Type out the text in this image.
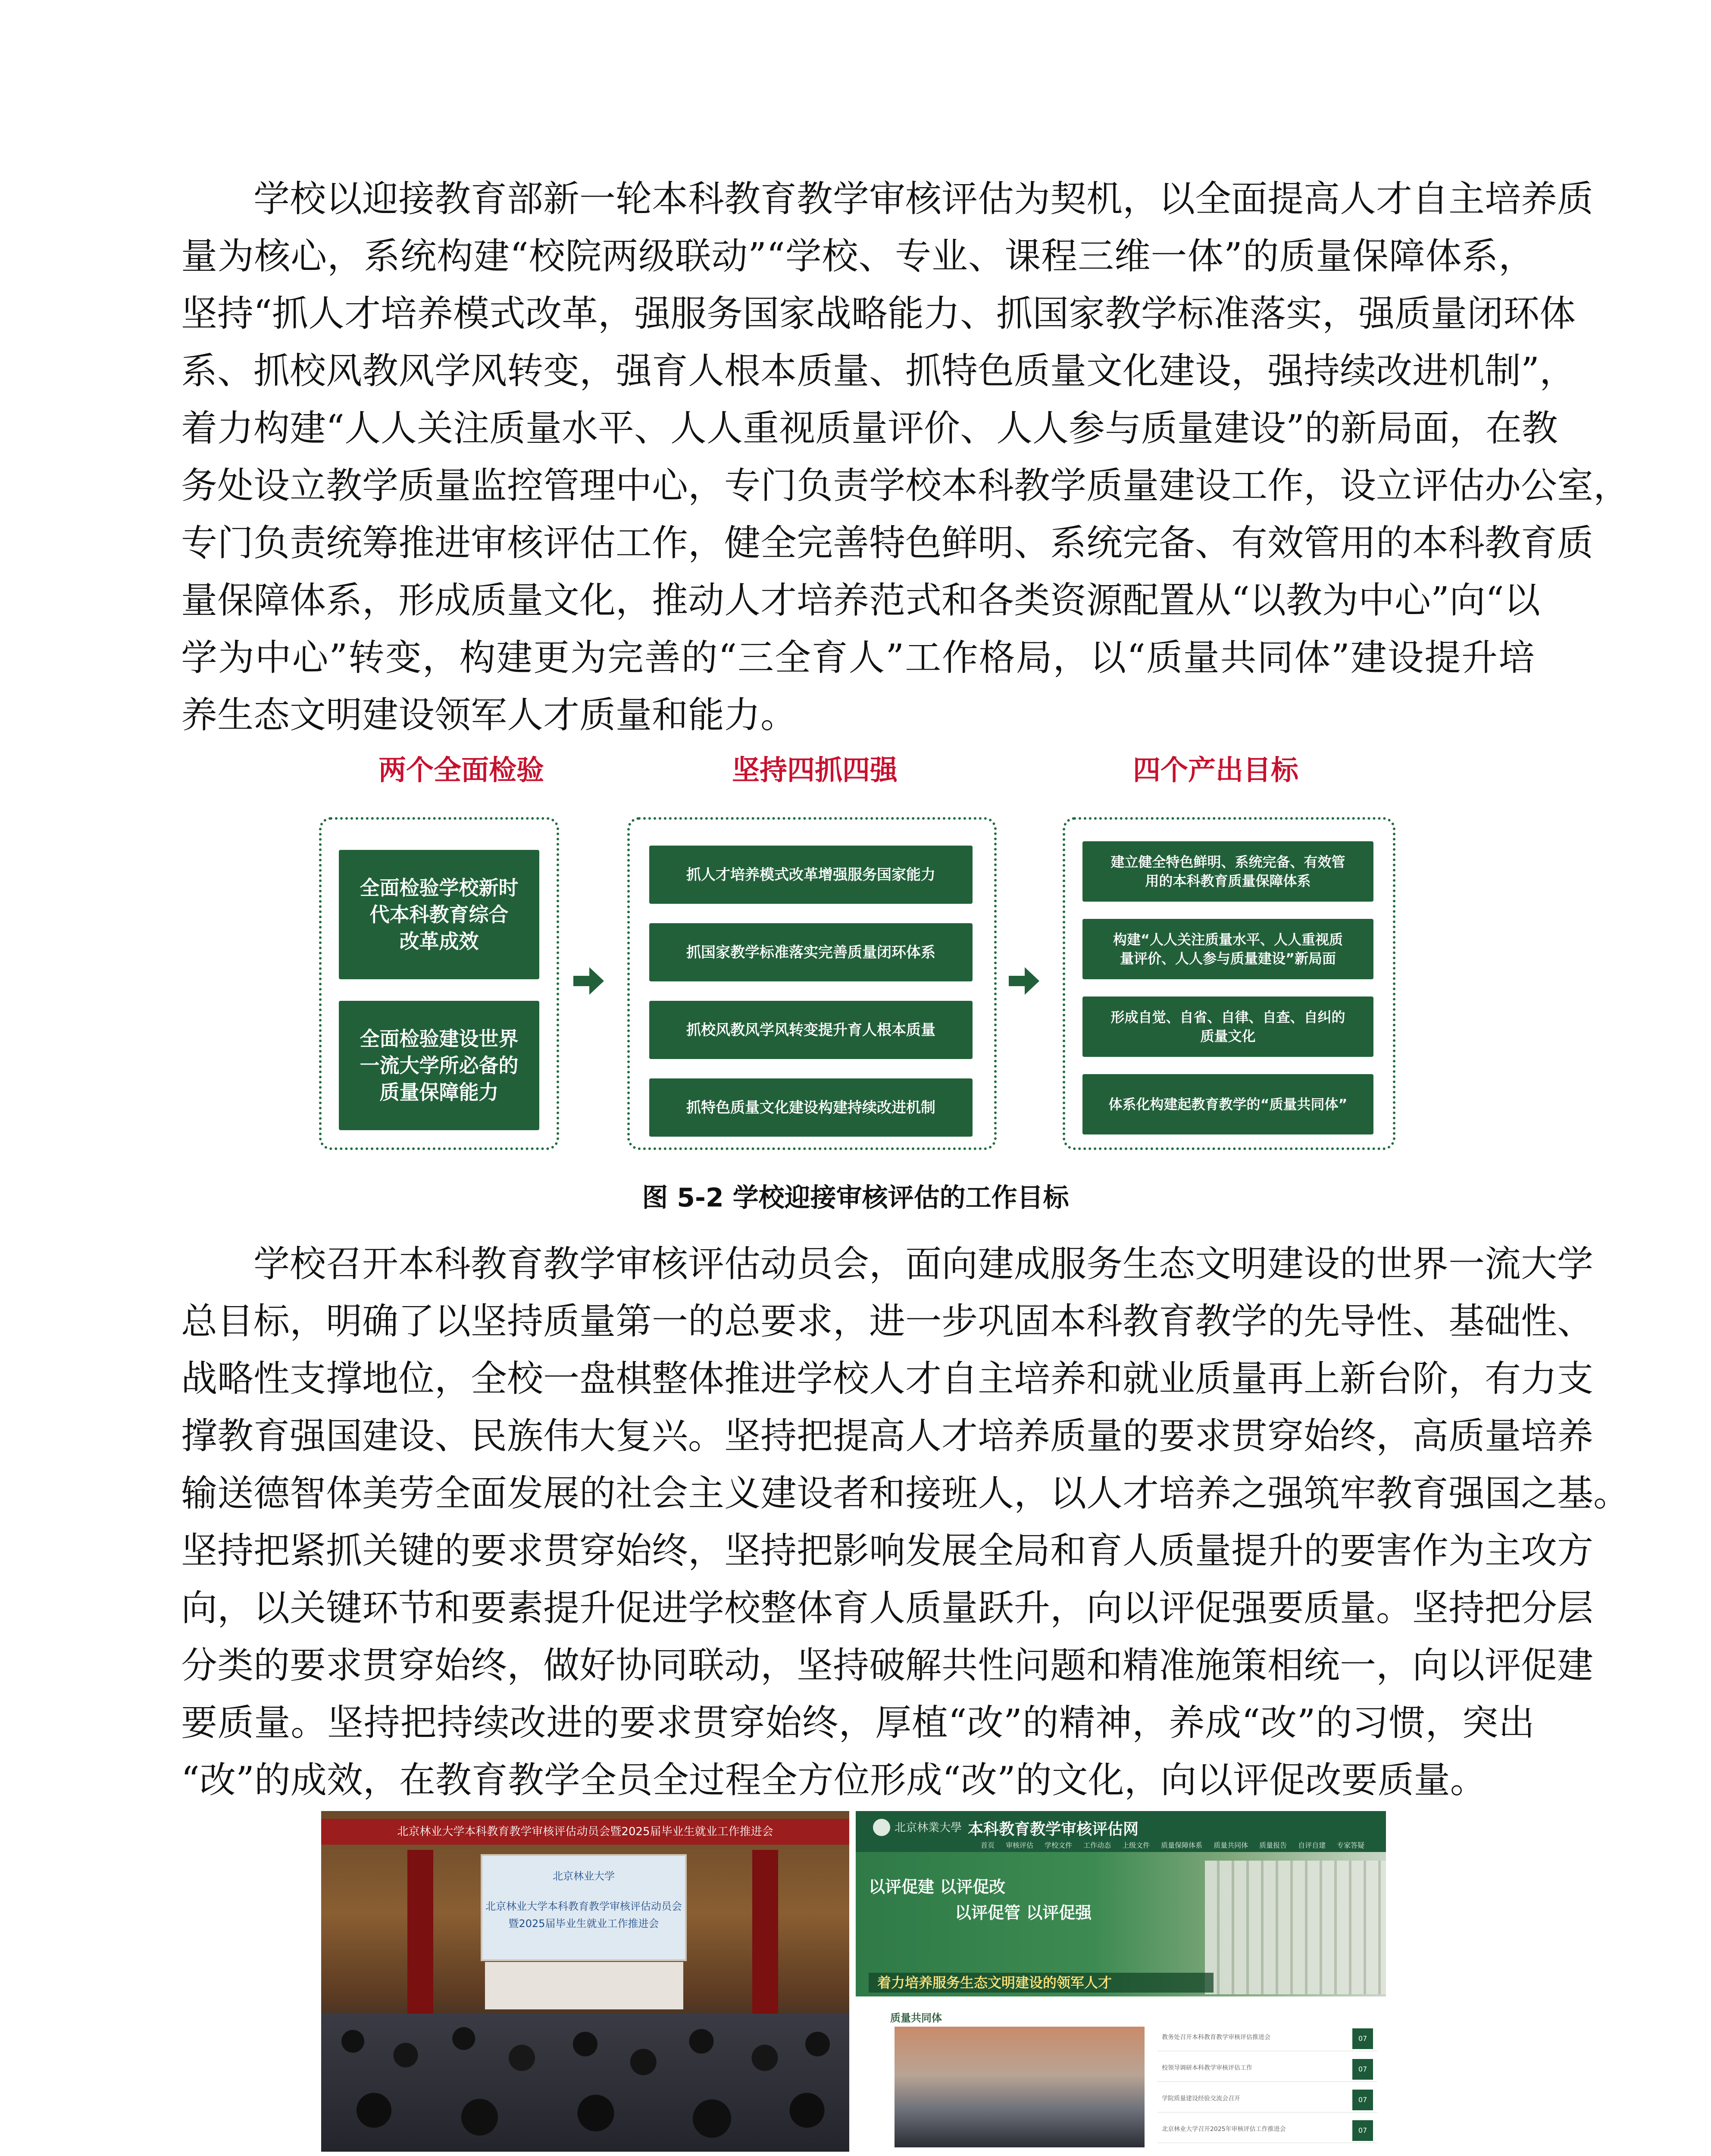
学校以迎接教育部新一轮本科教育教学审核评估为契机，以全面提高人才自主培养质
量为核心，系统构建“校院两级联动”“学校、专业、课程三维一体”的质量保障体系，
坚持“抓人才培养模式改革，强服务国家战略能力、抓国家教学标准落实，强质量闭环体
系、抓校风教风学风转变，强育人根本质量、抓特色质量文化建设，强持续改进机制”，
着力构建“人人关注质量水平、人人重视质量评价、人人参与质量建设”的新局面，在教
务处设立教学质量监控管理中心，专门负责学校本科教学质量建设工作，设立评估办公室，
专门负责统筹推进审核评估工作，健全完善特色鲜明、系统完备、有效管用的本科教育质
量保障体系，形成质量文化，推动人才培养范式和各类资源配置从“以教为中心”向“以
学为中心”转变，构建更为完善的“三全育人”工作格局，以“质量共同体”建设提升培
养生态文明建设领军人才质量和能力。
两个全面检验	坚持四抓四强	四个产出目标
全面检验学校新时
代本科教育综合
改革成效
全面检验建设世界
一流大学所必备的
质量保障能力
抓人才培养模式改革增强服务国家能力
抓国家教学标准落实完善质量闭环体系
抓校风教风学风转变提升育人根本质量
抓特色质量文化建设构建持续改进机制
建立健全特色鲜明、系统完备、有效管
用的本科教育质量保障体系
构建“人人关注质量水平、人人重视质
量评价、人人参与质量建设”新局面
形成自觉、自省、自律、自查、自纠的
质量文化
体系化构建起教育教学的“质量共同体”
图 5-2 学校迎接审核评估的工作目标
学校召开本科教育教学审核评估动员会，面向建成服务生态文明建设的世界一流大学
总目标，明确了以坚持质量第一的总要求，进一步巩固本科教育教学的先导性、基础性、
战略性支撑地位，全校一盘棋整体推进学校人才自主培养和就业质量再上新台阶，有力支
撑教育强国建设、民族伟大复兴。坚持把提高人才培养质量的要求贯穿始终，高质量培养
输送德智体美劳全面发展的社会主义建设者和接班人，以人才培养之强筑牢教育强国之基。
坚持把紧抓关键的要求贯穿始终，坚持把影响发展全局和育人质量提升的要害作为主攻方
向，以关键环节和要素提升促进学校整体育人质量跃升，向以评促强要质量。坚持把分层
分类的要求贯穿始终，做好协同联动，坚持破解共性问题和精准施策相统一，向以评促建
要质量。坚持把持续改进的要求贯穿始终，厚植“改”的精神，养成“改”的习惯，突出
“改”的成效，在教育教学全员全过程全方位形成“改”的文化，向以评促改要质量。
北京林业大学本科教育教学审核评估动员会暨2025届毕业生就业工作推进会
北京林业大学
北京林业大学本科教育教学审核评估动员会
暨2025届毕业生就业工作推进会
北京林業大學 本科教育教学审核评估网
首页 审核评估 学校文件 工作动态 上级文件 质量保障体系 质量共同体 质量报告 自评自建 专家答疑
以评促建 以评促改
以评促管 以评促强
着力培养服务生态文明建设的领军人才
质量共同体
教务处召开本科教育教学审核评估推进会	07
校领导调研本科教学审核评估工作	07
学院质量建设经验交流会召开	07
北京林业大学召开2025年审核评估工作推进会	07
